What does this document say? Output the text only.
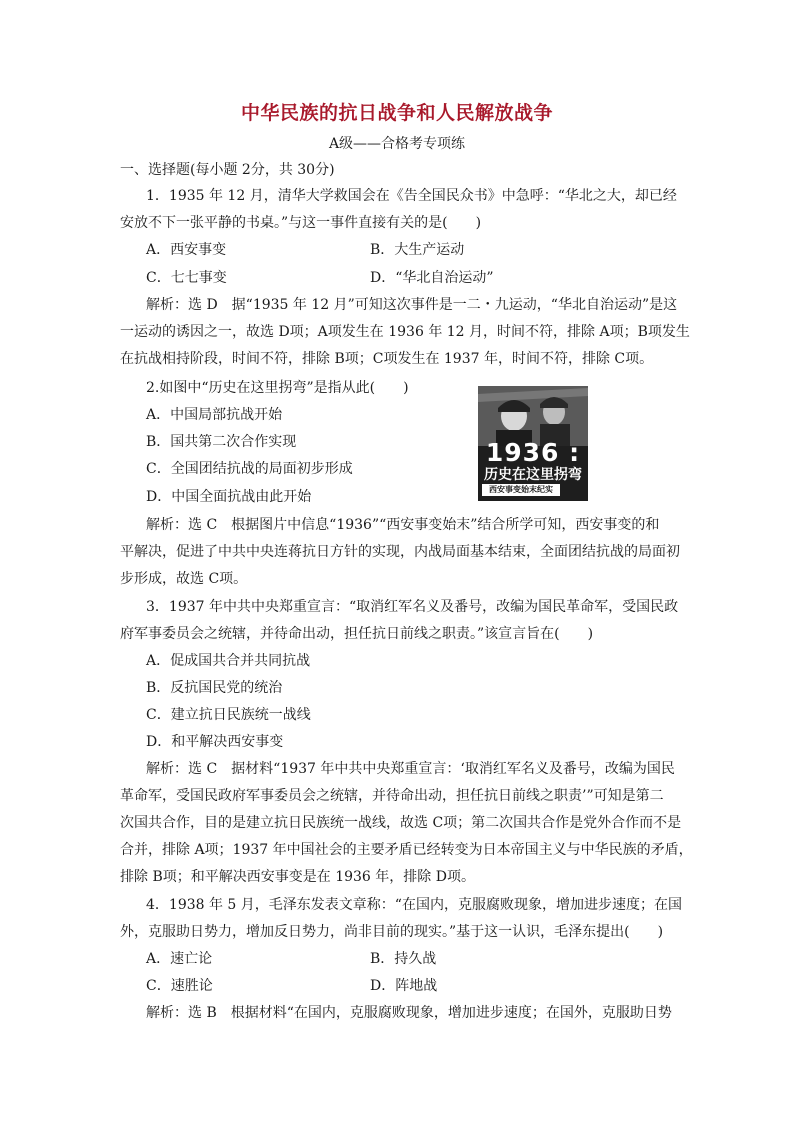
中华民族的抗日战争和人民解放战争
A级——合格考专项练
一、选择题(每小题 2分，共 30分)
1．1935 年 12 月，清华大学救国会在《告全国民众书》中急呼：“华北之大，却已经
安放不下一张平静的书桌。”与这一事件直接有关的是(　　)
A．西安事变	B．大生产运动
C．七七事变	D．“华北自治运动”
解析：选 D　据“1935 年 12 月”可知这次事件是一二・九运动，“华北自治运动”是这
一运动的诱因之一，故选 D项；A项发生在 1936 年 12 月，时间不符，排除 A项；B项发生
在抗战相持阶段，时间不符，排除 B项；C项发生在 1937 年，时间不符，排除 C项。
2.如图中“历史在这里拐弯”是指从此(　　)
A．中国局部抗战开始
B．国共第二次合作实现
C．全国团结抗战的局面初步形成
D．中国全面抗战由此开始
1936 :
历史在这里拐弯
西安事变始末纪实
解析：选 C　根据图片中信息“1936”“西安事变始末”结合所学可知，西安事变的和
平解决，促进了中共中央连蒋抗日方针的实现，内战局面基本结束，全面团结抗战的局面初
步形成，故选 C项。
3．1937 年中共中央郑重宣言：“取消红军名义及番号，改编为国民革命军，受国民政
府军事委员会之统辖，并待命出动，担任抗日前线之职责。”该宣言旨在(　　)
A．促成国共合并共同抗战
B．反抗国民党的统治
C．建立抗日民族统一战线
D．和平解决西安事变
解析：选 C　据材料“1937 年中共中央郑重宣言：‘取消红军名义及番号，改编为国民
革命军，受国民政府军事委员会之统辖，并待命出动，担任抗日前线之职责’”可知是第二
次国共合作，目的是建立抗日民族统一战线，故选 C项；第二次国共合作是党外合作而不是
合并，排除 A项；1937 年中国社会的主要矛盾已经转变为日本帝国主义与中华民族的矛盾，
排除 B项；和平解决西安事变是在 1936 年，排除 D项。
4．1938 年 5 月，毛泽东发表文章称：“在国内，克服腐败现象，增加进步速度；在国
外，克服助日势力，增加反日势力，尚非目前的现实。”基于这一认识，毛泽东提出(　　)
A．速亡论	B．持久战
C．速胜论	D．阵地战
解析：选 B　根据材料“在国内，克服腐败现象，增加进步速度；在国外，克服助日势
